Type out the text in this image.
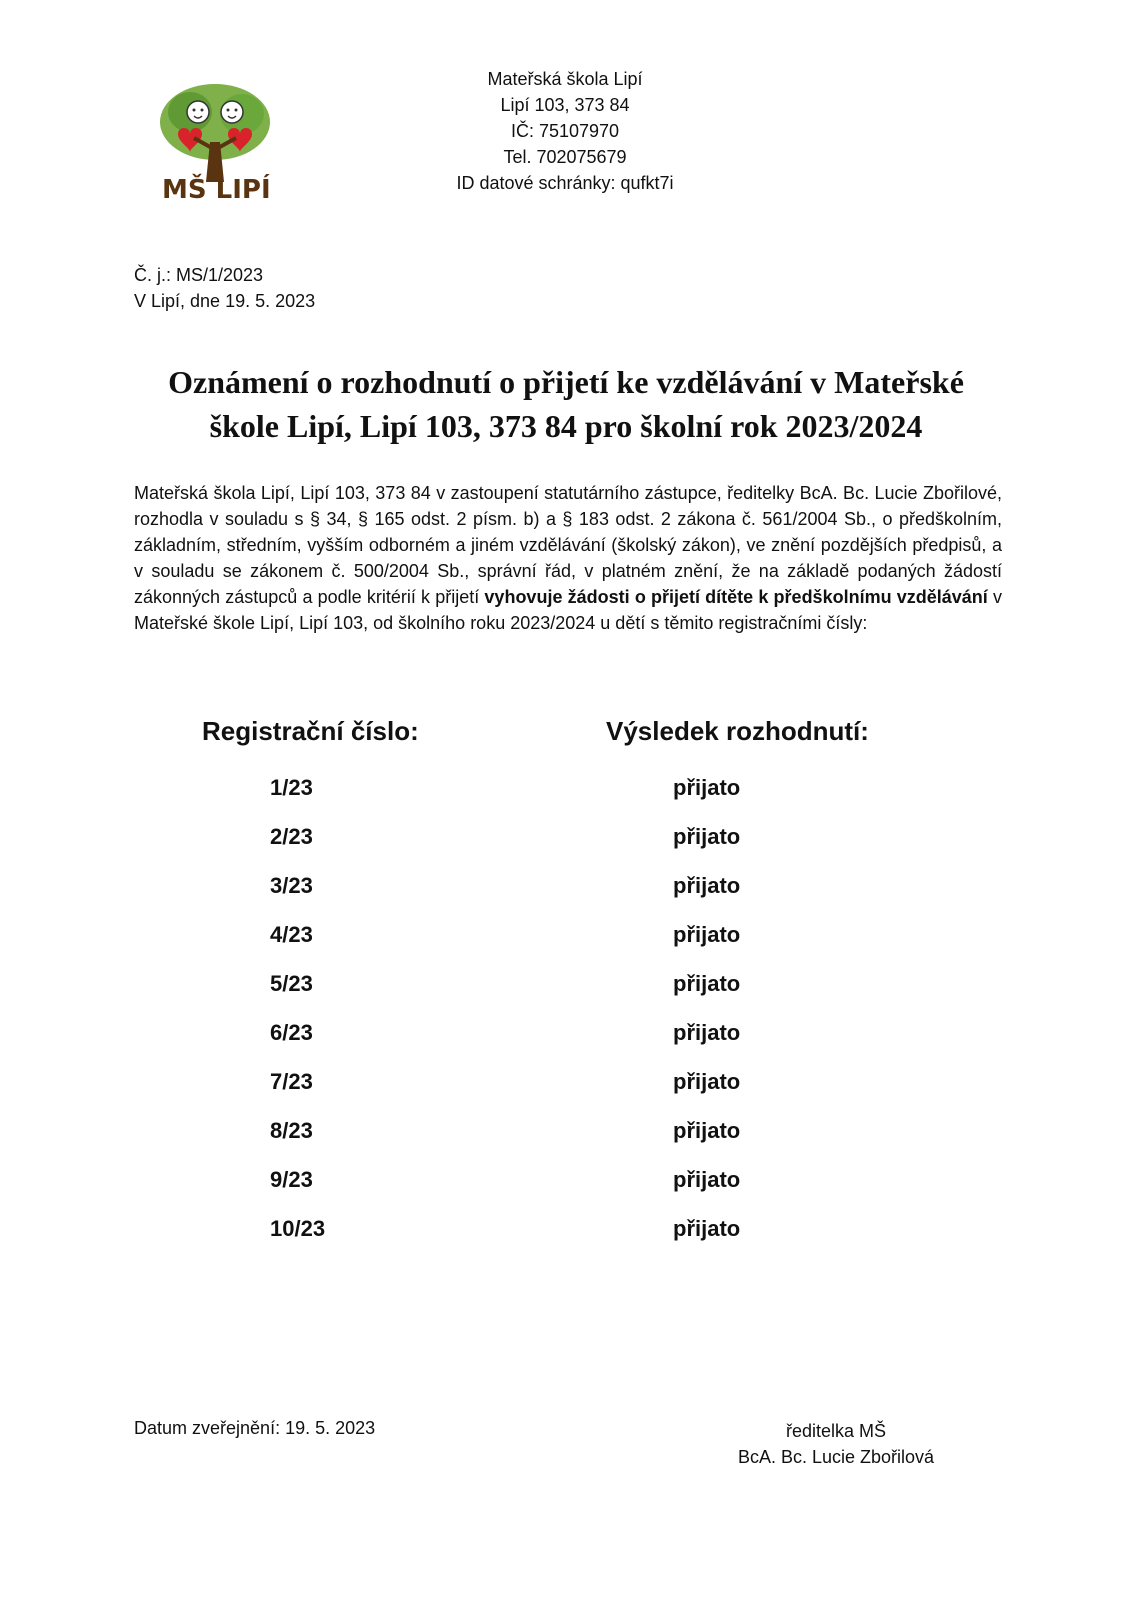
MŠ LIPÍ
Mateřská škola Lipí
Lipí 103, 373 84
IČ: 75107970
Tel. 702075679
ID datové schránky: qufkt7i
Č. j.: MS/1/2023
V Lipí, dne 19. 5. 2023
Oznámení o rozhodnutí o přijetí ke vzdělávání v Mateřské
škole Lipí, Lipí 103, 373 84 pro školní rok 2023/2024
Mateřská škola Lipí, Lipí 103, 373 84 v zastoupení statutárního zástupce, ředitelky BcA. Bc. Lucie Zbořilové, rozhodla v souladu s § 34, § 165 odst. 2 písm. b) a § 183 odst. 2 zákona č. 561/2004 Sb., o předškolním, základním, středním, vyšším odborném a jiném vzdělávání (školský zákon), ve znění pozdějších předpisů, a v souladu se zákonem č. 500/2004 Sb., správní řád, v platném znění, že na základě podaných žádostí zákonných zástupců a podle kritérií k přijetí vyhovuje žádosti o přijetí dítěte k předškolnímu vzdělávání v Mateřské škole Lipí, Lipí 103, od školního roku 2023/2024 u dětí s těmito registračními čísly:
Registrační číslo:	Výsledek rozhodnutí:
1/23	přijato
2/23	přijato
3/23	přijato
4/23	přijato
5/23	přijato
6/23	přijato
7/23	přijato
8/23	přijato
9/23	přijato
10/23	přijato
Datum zveřejnění: 19. 5. 2023	ředitelka MŠ
BcA. Bc. Lucie Zbořilová
